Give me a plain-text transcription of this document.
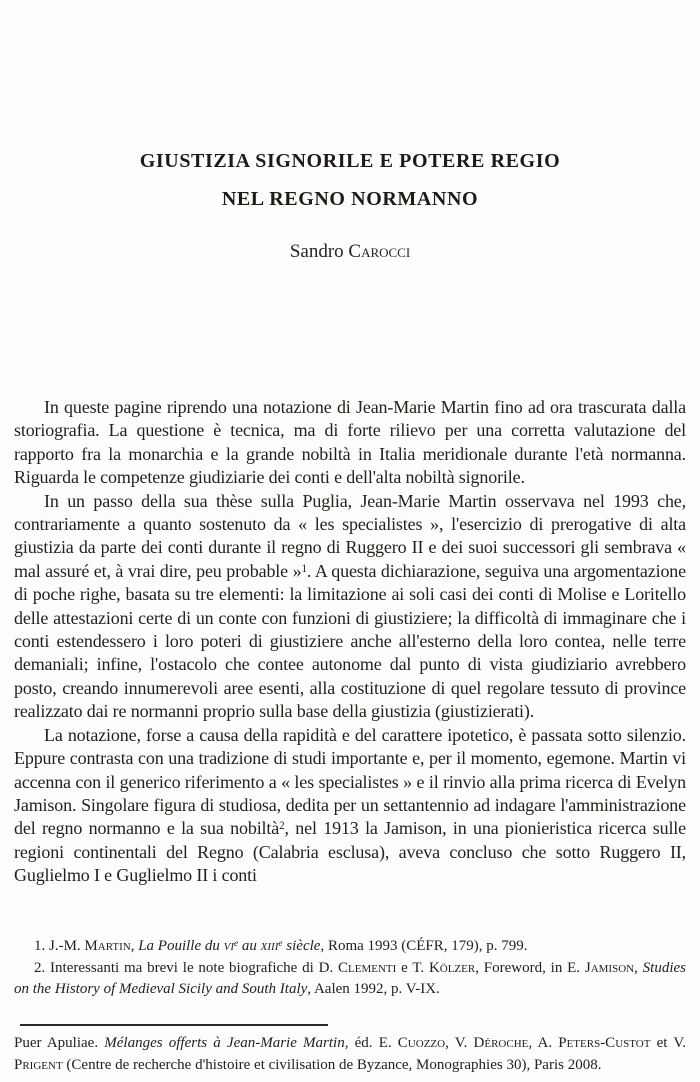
GIUSTIZIA SIGNORILE E POTERE REGIO
NEL REGNO NORMANNO
Sandro Carocci

In queste pagine riprendo una notazione di Jean-Marie Martin fino ad ora trascurata dalla storiografia. La questione è tecnica, ma di forte rilievo per una corretta valutazione del rapporto fra la monarchia e la grande nobiltà in Italia meridionale durante l'età normanna. Riguarda le competenze giudiziarie dei conti e dell'alta nobiltà signorile.

In un passo della sua thèse sulla Puglia, Jean-Marie Martin osservava nel 1993 che, contrariamente a quanto sostenuto da « les specialistes », l'esercizio di prerogative di alta giustizia da parte dei conti durante il regno di Ruggero II e dei suoi successori gli sembrava « mal assuré et, à vrai dire, peu probable »$^1$. A questa dichiarazione, seguiva una argomentazione di poche righe, basata su tre elementi: la limitazione ai soli casi dei conti di Molise e Loritello delle attestazioni certe di un conte con funzioni di giustiziere; la difficoltà di immaginare che i conti estendessero i loro poteri di giustiziere anche all'esterno della loro contea, nelle terre demaniali; infine, l'ostacolo che contee autonome dal punto di vista giudiziario avrebbero posto, creando innumerevoli aree esenti, alla costituzione di quel regolare tessuto di province realizzato dai re normanni proprio sulla base della giustizia (giustizierati).

La notazione, forse a causa della rapidità e del carattere ipotetico, è passata sotto silenzio. Eppure contrasta con una tradizione di studi importante e, per il momento, egemone. Martin vi accenna con il generico riferimento a « les specialistes » e il rinvio alla prima ricerca di Evelyn Jamison. Singolare figura di studiosa, dedita per un settantennio ad indagare l'amministrazione del regno normanno e la sua nobiltà$^2$, nel 1913 la Jamison, in una pionieristica ricerca sulle regioni continentali del Regno (Calabria esclusa), aveva concluso che sotto Ruggero II, Guglielmo I e Guglielmo II i conti

1. J.-M. Martin, La Pouille du $vi^e$ au xiii$^e$ siècle, Roma 1993 (CÉFR, 179), p. 799.

2. Interessanti ma brevi le note biografiche di D. Clementi e T. Kölzer, Foreword, in E. Jamison, Studies on the History of Medieval Sicily and South Italy, Aalen 1992, p. V-IX.

Puer Apuliae. Mélanges offerts à Jean-Marie Martin, éd. E. Cuozzo, V. Déroche, A. Peters-Custot et V. Prigent (Centre de recherche d'histoire et civilisation de Byzance, Monographies 30), Paris 2008.
